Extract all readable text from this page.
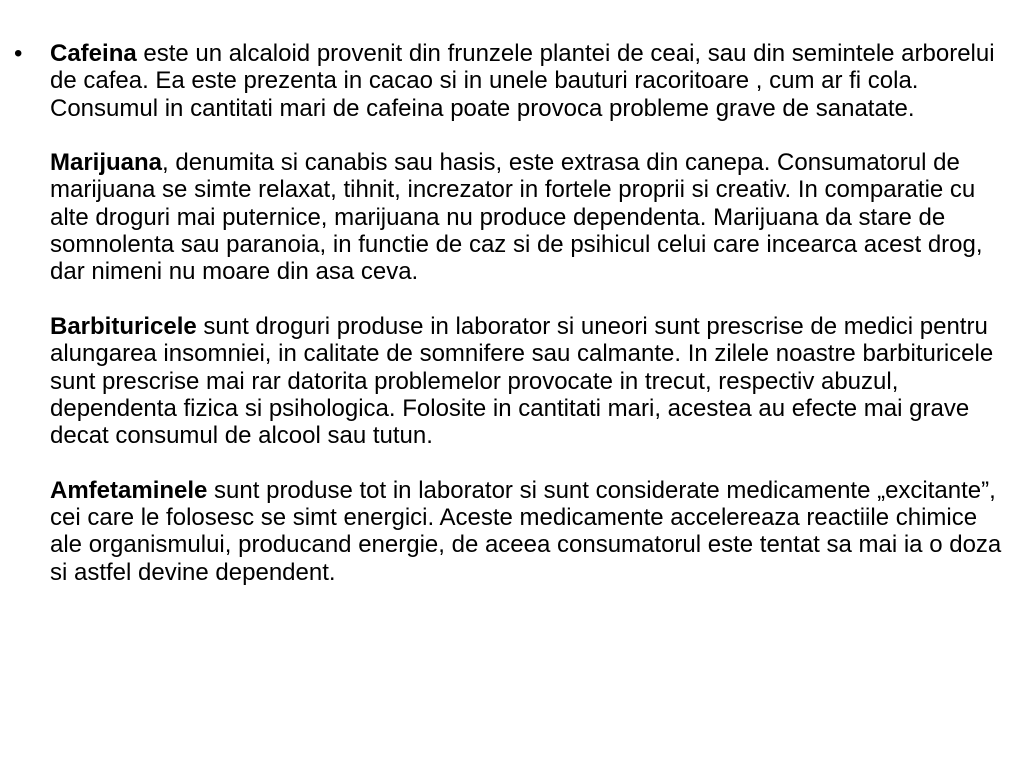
• Cafeina este un alcaloid provenit din frunzele plantei de ceai, sau din semintele arborelui de cafea. Ea este prezenta in cacao si in unele bauturi racoritoare , cum ar fi cola. Consumul in cantitati mari de cafeina poate provoca probleme grave de sanatate.

Marijuana, denumita si canabis sau hasis, este extrasa din canepa. Consumatorul de marijuana se simte relaxat, tihnit, increzator in fortele proprii si creativ. In comparatie cu alte droguri mai puternice, marijuana nu produce dependenta. Marijuana da stare de somnolenta sau paranoia, in functie de caz si de psihicul celui care incearca acest drog, dar nimeni nu moare din asa ceva.

Barbituricele sunt droguri produse in laborator si uneori sunt prescrise de medici pentru alungarea insomniei, in calitate de somnifere sau calmante. In zilele noastre barbituricele sunt prescrise mai rar datorita problemelor provocate in trecut, respectiv abuzul, dependenta fizica si psihologica. Folosite in cantitati mari, acestea au efecte mai grave decat consumul de alcool sau tutun.

Amfetaminele sunt produse tot in laborator si sunt considerate medicamente „excitante”, cei care le folosesc se simt energici. Aceste medicamente accelereaza reactiile chimice ale organismului, producand energie, de aceea consumatorul este tentat sa mai ia o doza si astfel devine dependent.
